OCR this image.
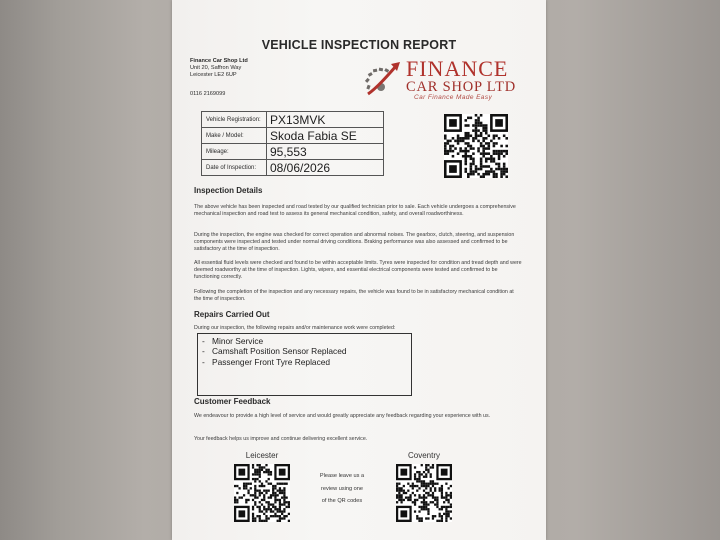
VEHICLE INSPECTION REPORT
Finance Car Shop Ltd
Unit 20, Saffron Way
Leicester LE2 6UP
0116 2169099
FINANCE
CAR SHOP LTD
Car Finance Made Easy
Vehicle Registration:	PX13MVK
Make / Model:	Skoda Fabia SE
Mileage:	95,553
Date of Inspection:	08/06/2026
Inspection Details
The above vehicle has been inspected and road tested by our qualified technician prior to sale. Each vehicle undergoes a comprehensive mechanical inspection and road test to assess its general mechanical condition, safety, and overall roadworthiness.
During the inspection, the engine was checked for correct operation and abnormal noises. The gearbox, clutch, steering, and suspension components were inspected and tested under normal driving conditions. Braking performance was also assessed and confirmed to be satisfactory at the time of inspection.
All essential fluid levels were checked and found to be within acceptable limits. Tyres were inspected for condition and tread depth and were deemed roadworthy at the time of inspection. Lights, wipers, and essential electrical components were tested and confirmed to be functioning correctly.
Following the completion of the inspection and any necessary repairs, the vehicle was found to be in satisfactory mechanical condition at the time of inspection.
Repairs Carried Out
During our inspection, the following repairs and/or maintenance work were completed:
- Minor Service
- Camshaft Position Sensor Replaced
- Passenger Front Tyre Replaced
Customer Feedback
We endeavour to provide a high level of service and would greatly appreciate any feedback regarding your experience with us.
Your feedback helps us improve and continue delivering excellent service.
Leicester	Coventry
Please leave us a
review using one
of the QR codes
